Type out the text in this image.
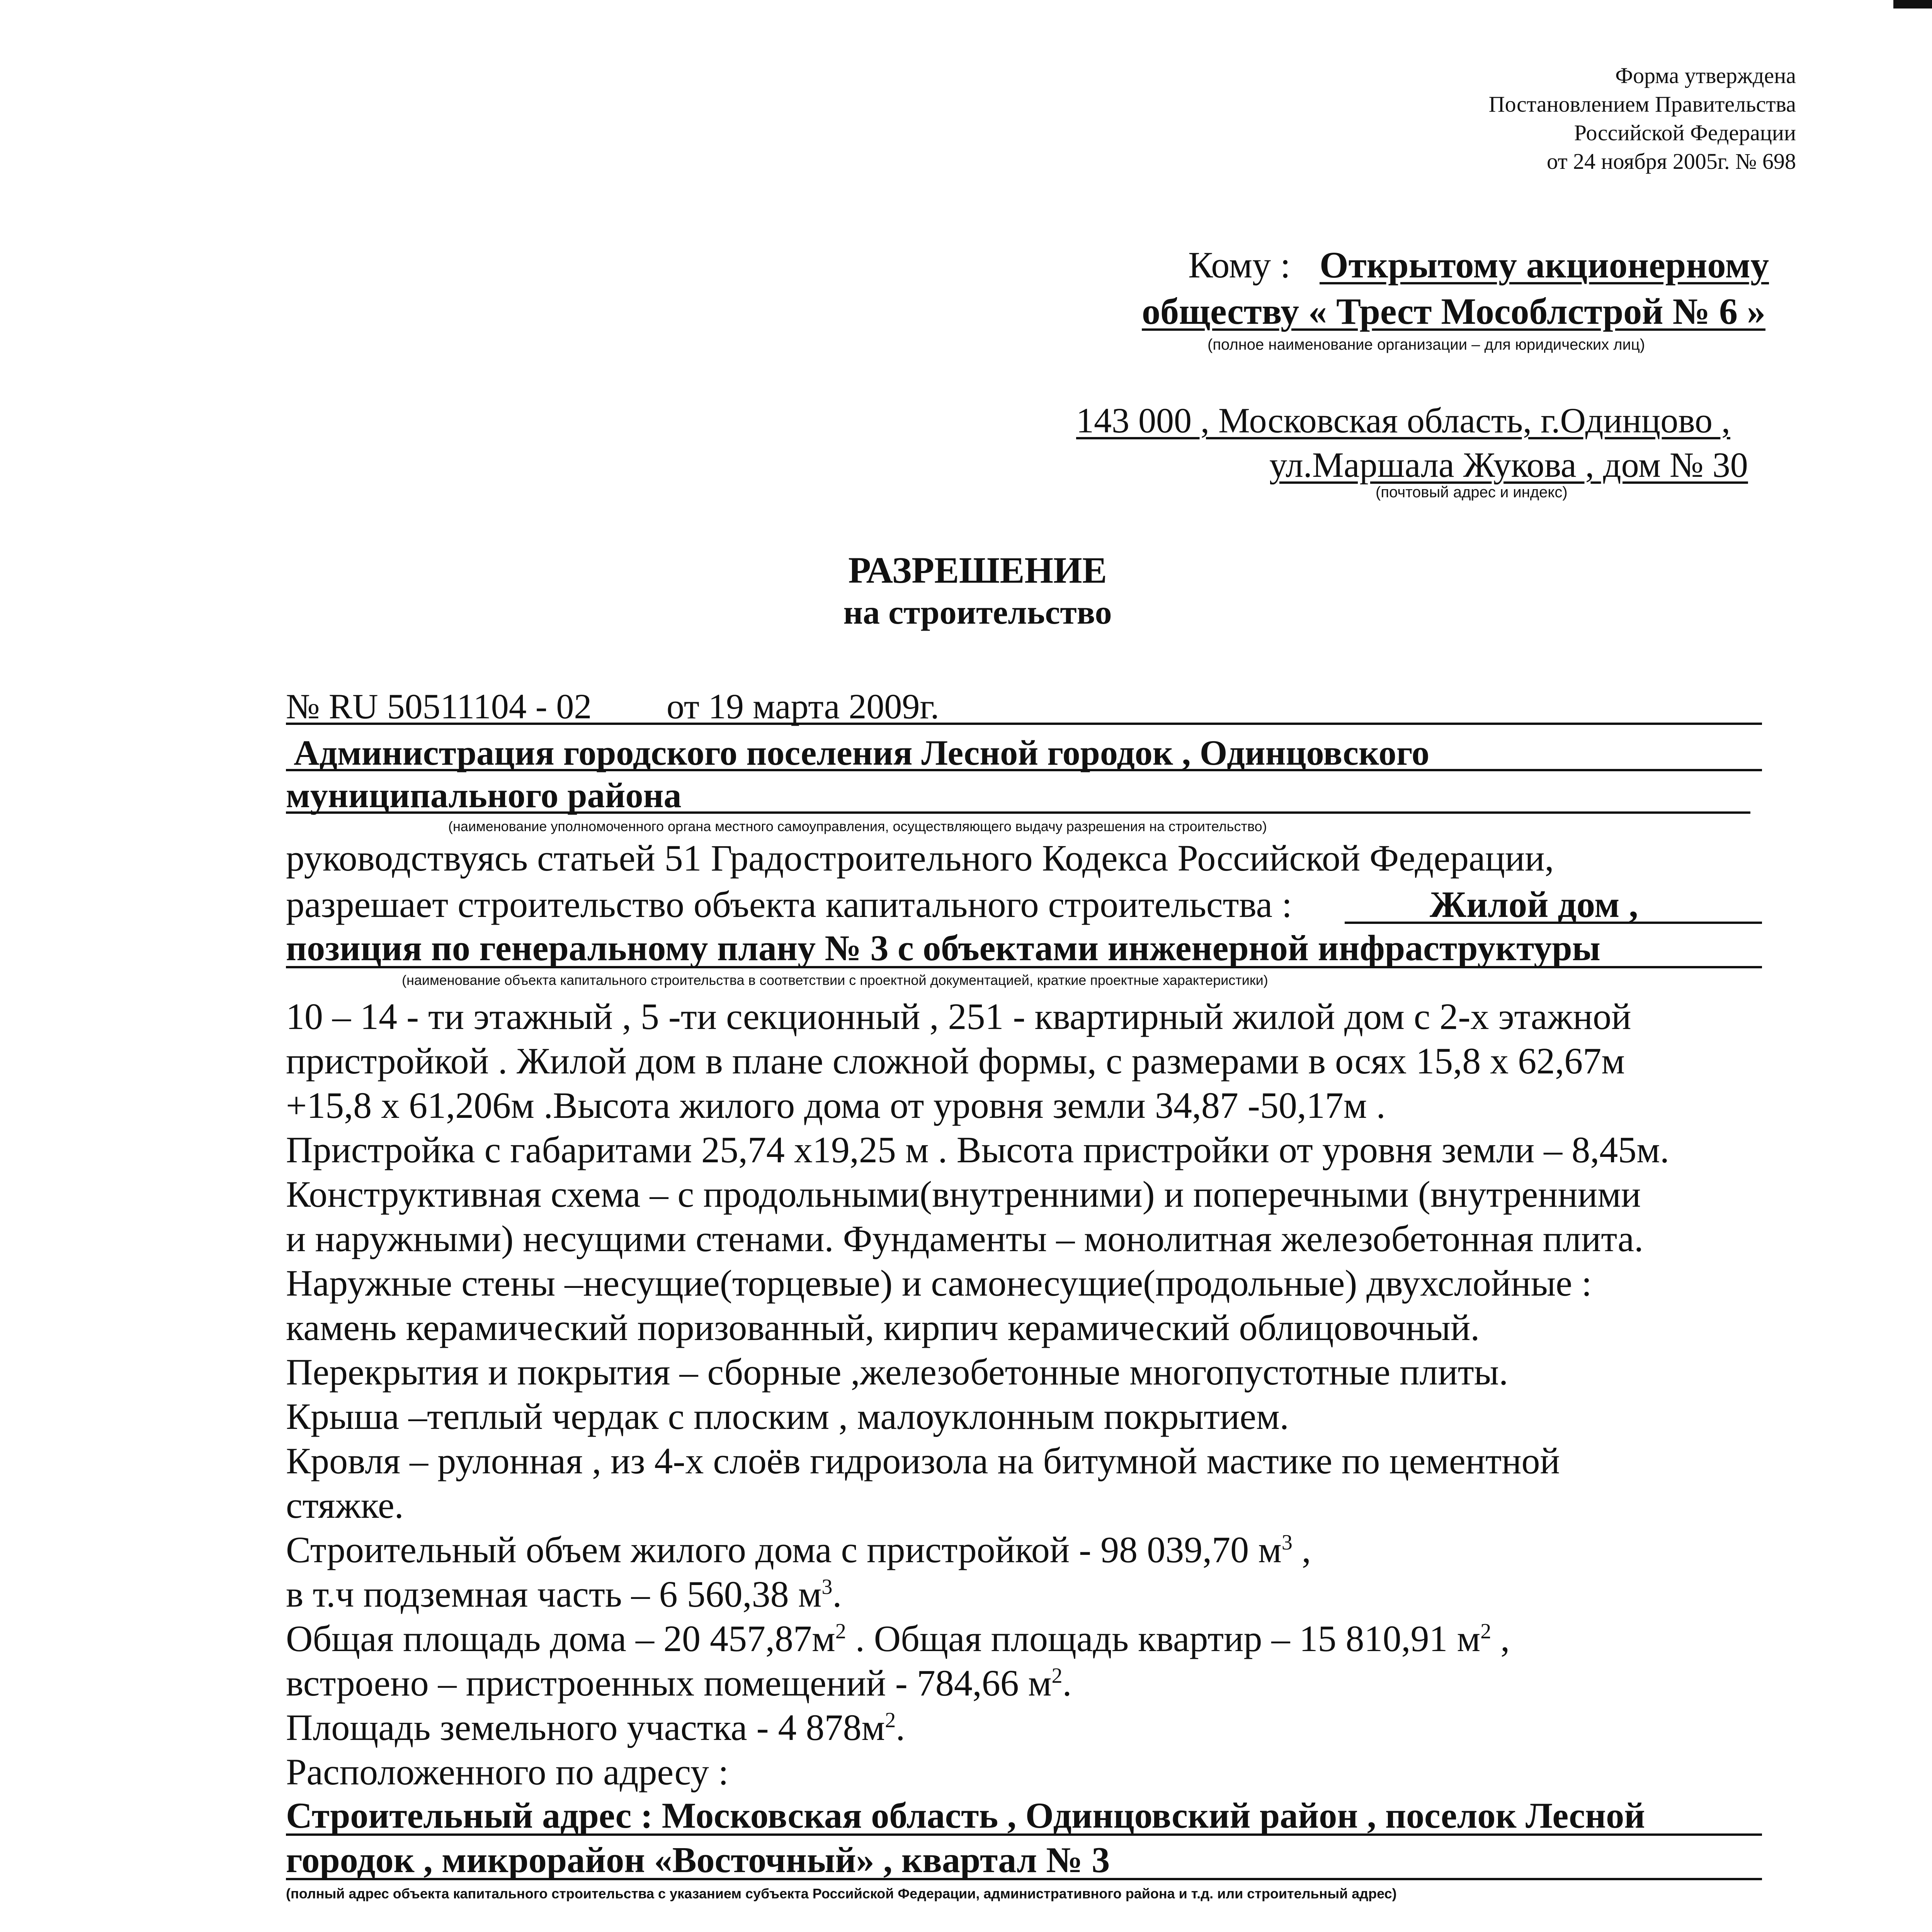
Форма утверждена
Постановлением Правительства
Российской Федерации
от 24 ноября 2005г. № 698
Кому : Открытому акционерному
обществу « Трест Мособлстрой № 6 »
(полное наименование организации – для юридических лиц)
143 000 , Московская область, г.Одинцово ,
ул.Маршала Жукова , дом № 30
(почтовый адрес и индекс)
РАЗРЕШЕНИЕ
на строительство
№ RU 50511104 - 02 от 19 марта 2009г.
Администрация городского поселения Лесной городок , Одинцовского
муниципального района
(наименование уполномоченного органа местного самоуправления, осуществляющего выдачу разрешения на строительство)
руководствуясь статьей 51 Градостроительного Кодекса Российской Федерации,
разрешает строительство объекта капитального строительства :	Жилой дом ,
позиция по генеральному плану № 3 с объектами инженерной инфраструктуры
(наименование объекта капитального строительства в соответствии с проектной документацией, краткие проектные характеристики)
10 – 14 - ти этажный , 5 -ти секционный , 251 - квартирный жилой дом с 2-х этажной
пристройкой . Жилой дом в плане сложной формы, с размерами в осях 15,8 х 62,67м
+15,8 х 61,206м .Высота жилого дома от уровня земли 34,87 -50,17м .
Пристройка с габаритами 25,74 х19,25 м . Высота пристройки от уровня земли – 8,45м.
Конструктивная схема – с продольными(внутренними) и поперечными (внутренними
и наружными) несущими стенами. Фундаменты – монолитная железобетонная плита.
Наружные стены –несущие(торцевые) и самонесущие(продольные) двухслойные :
камень керамический поризованный, кирпич керамический облицовочный.
Перекрытия и покрытия – сборные ,железобетонные многопустотные плиты.
Крыша –теплый чердак с плоским , малоуклонным покрытием.
Кровля – рулонная , из 4-х слоёв гидроизола на битумной мастике по цементной
стяжке.
Строительный объем жилого дома с пристройкой - 98 039,70 $м^3$ ,
в т.ч подземная часть – 6 560,38 $м^3$.
Общая площадь дома – 20 $457,87м^2$ . Общая площадь квартир – 15 810,91 $м^2$ ,
встроено – пристроенных помещений - 784,66 $м^2$.
Площадь земельного участка - 4 $878м^2$.
Расположенного по адресу :
Строительный адрес : Московская область , Одинцовский район , поселок Лесной
городок , микрорайон «Восточный» , квартал № 3
(полный адрес объекта капитального строительства с указанием субъекта Российской Федерации, административного района и т.д. или строительный адрес)
